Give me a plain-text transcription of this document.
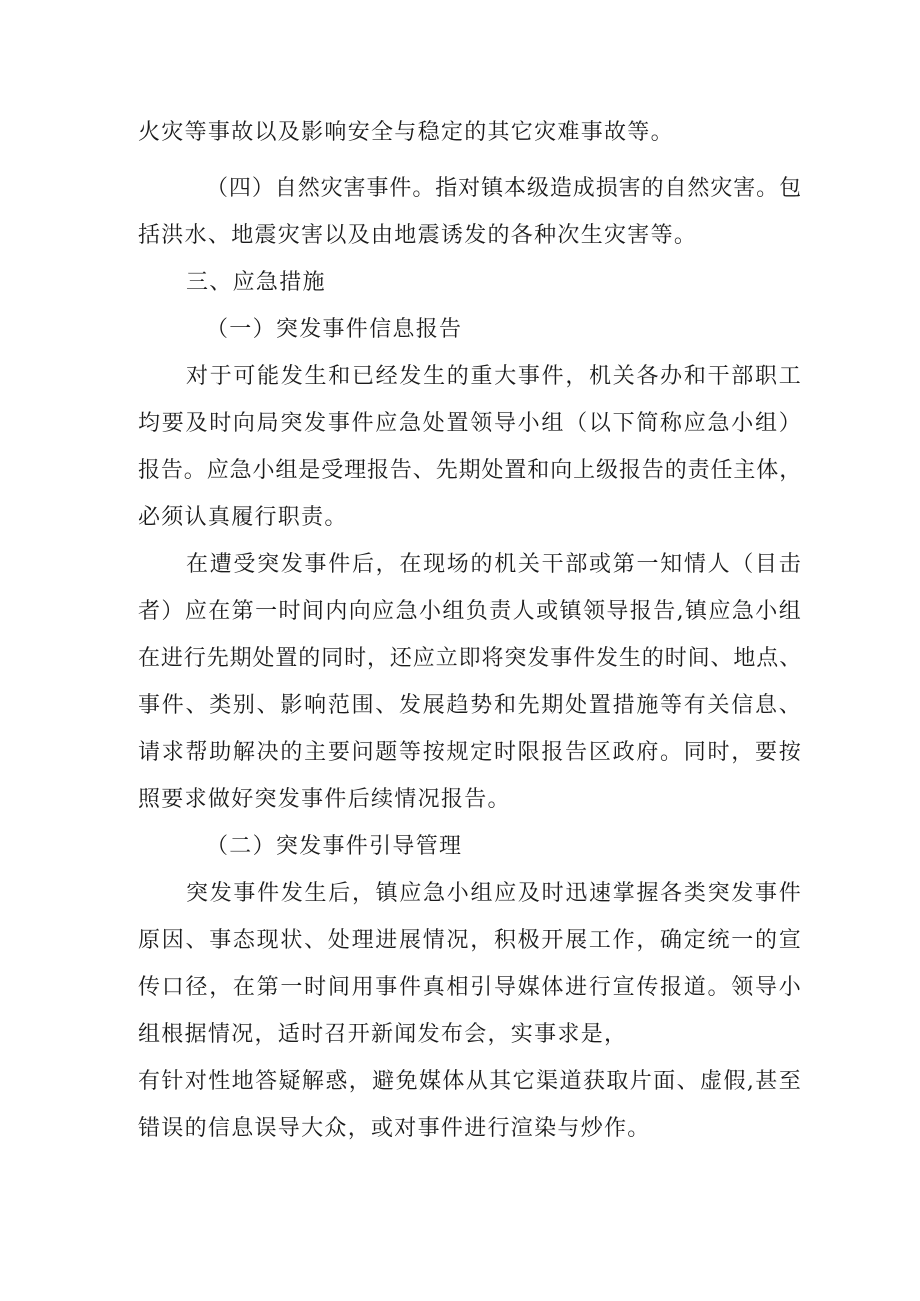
火灾等事故以及影响安全与稳定的其它灾难事故等。
（四）自然灾害事件。指对镇本级造成损害的自然灾害。包
括洪水、地震灾害以及由地震诱发的各种次生灾害等。
三、应急措施
（一）突发事件信息报告
对于可能发生和已经发生的重大事件，机关各办和干部职工
均要及时向局突发事件应急处置领导小组（以下简称应急小组）
报告。应急小组是受理报告、先期处置和向上级报告的责任主体，
必须认真履行职责。
在遭受突发事件后，在现场的机关干部或第一知情人（目击
者）应在第一时间内向应急小组负责人或镇领导报告,镇应急小组
在进行先期处置的同时，还应立即将突发事件发生的时间、地点、
事件、类别、影响范围、发展趋势和先期处置措施等有关信息、
请求帮助解决的主要问题等按规定时限报告区政府。同时，要按
照要求做好突发事件后续情况报告。
（二）突发事件引导管理
突发事件发生后，镇应急小组应及时迅速掌握各类突发事件
原因、事态现状、处理进展情况，积极开展工作，确定统一的宣
传口径，在第一时间用事件真相引导媒体进行宣传报道。领导小
组根据情况，适时召开新闻发布会，实事求是，
有针对性地答疑解惑，避免媒体从其它渠道获取片面、虚假,甚至
错误的信息误导大众，或对事件进行渲染与炒作。
